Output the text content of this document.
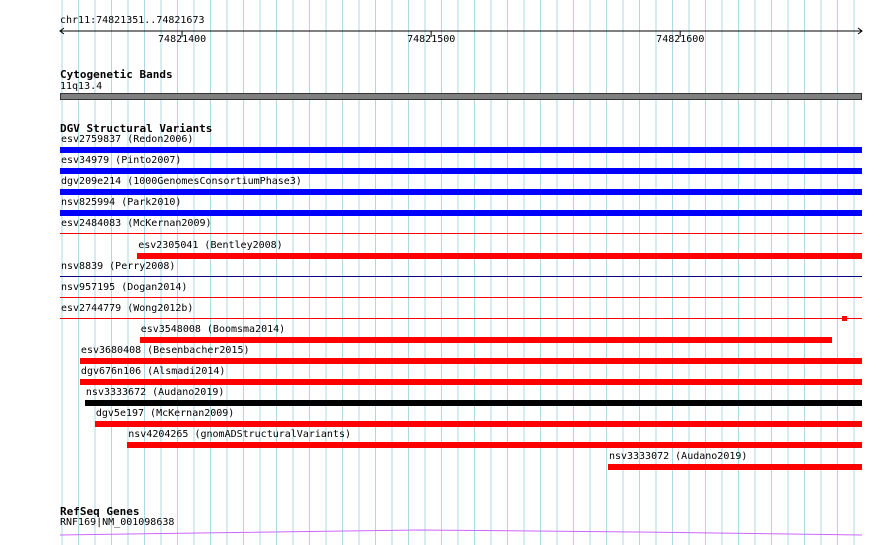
chr11:74821351..74821673
74821400	74821500	74821600
Cytogenetic Bands
11q13.4
DGV Structural Variants
esv2759837 (Redon2006)
esv34979 (Pinto2007)
dgv209e214 (1000GenomesConsortiumPhase3)
nsv825994 (Park2010)
esv2484083 (McKernan2009)
esv2305041 (Bentley2008)
nsv8839 (Perry2008)
nsv957195 (Dogan2014)
esv2744779 (Wong2012b)
esv3548008 (Boomsma2014)
esv3680408 (Besenbacher2015)
dgv676n106 (Alsmadi2014)
nsv3333672 (Audano2019)
dgv5e197 (McKernan2009)
nsv4204265 (gnomADStructuralVariants)
nsv3333072 (Audano2019)
RefSeq Genes
RNF169|NM_001098638
